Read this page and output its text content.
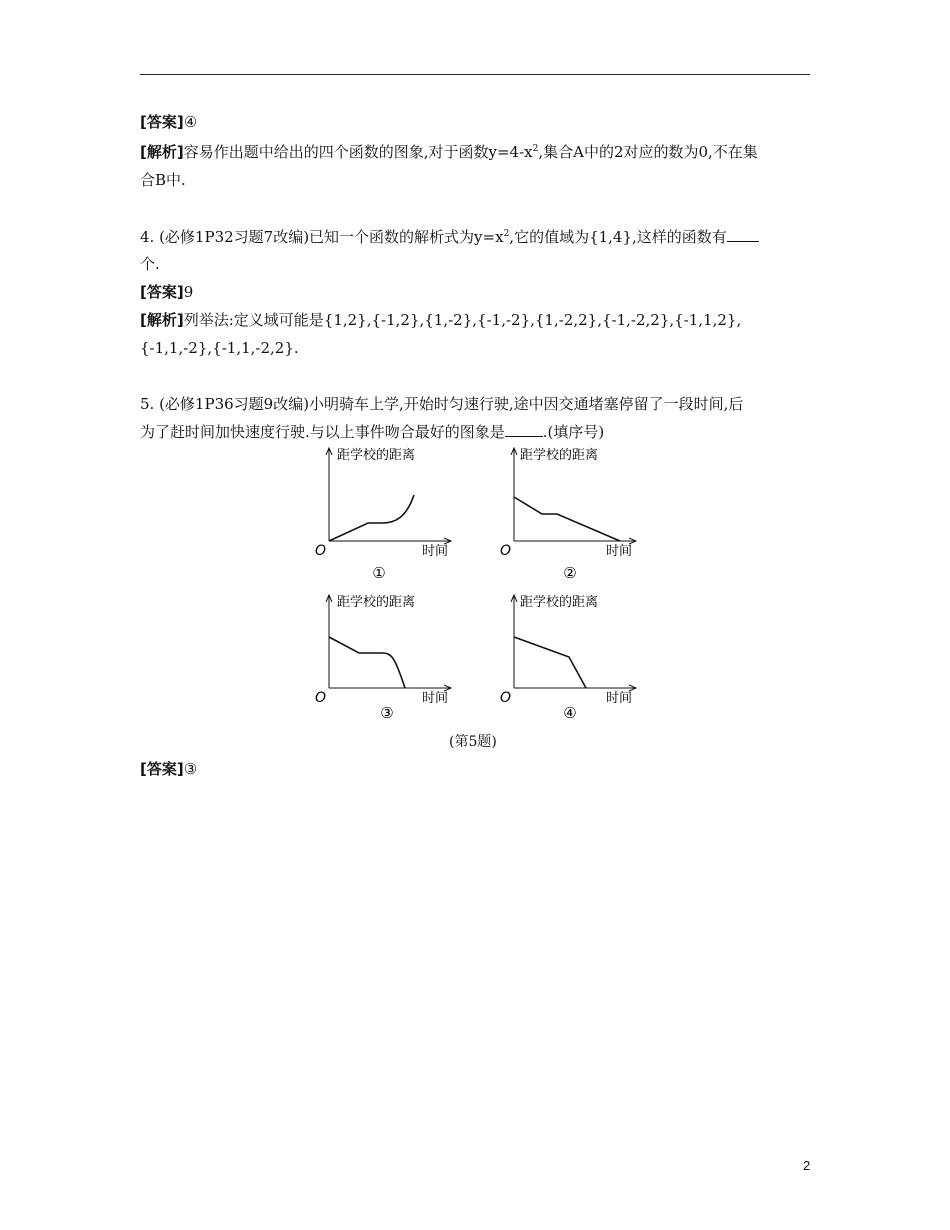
[答案]④
[解析]容易作出题中给出的四个函数的图象,对于函数$y=4-x^2$,集合A中的2对应的数为0,不在集
合B中.
4. (必修1P32习题7改编)已知一个函数的解析式为$y=x^2$,它的值域为{1,4},这样的函数有
个.
[答案]9
[解析]列举法:定义域可能是{1,2},{-1,2},{1,-2},{-1,-2},{1,-2,2},{-1,-2,2},{-1,1,2},
{-1,1,-2},{-1,1,-2,2}.
5. (必修1P36习题9改编)小明骑车上学,开始时匀速行驶,途中因交通堵塞停留了一段时间,后
为了赶时间加快速度行驶.与以上事件吻合最好的图象是	.(填序号)
距学校的距离
时间
O
①
距学校的距离
时间
O
②
距学校的距离
时间
O
③
距学校的距离
时间
O
④
(第5题)
[答案]③
2
